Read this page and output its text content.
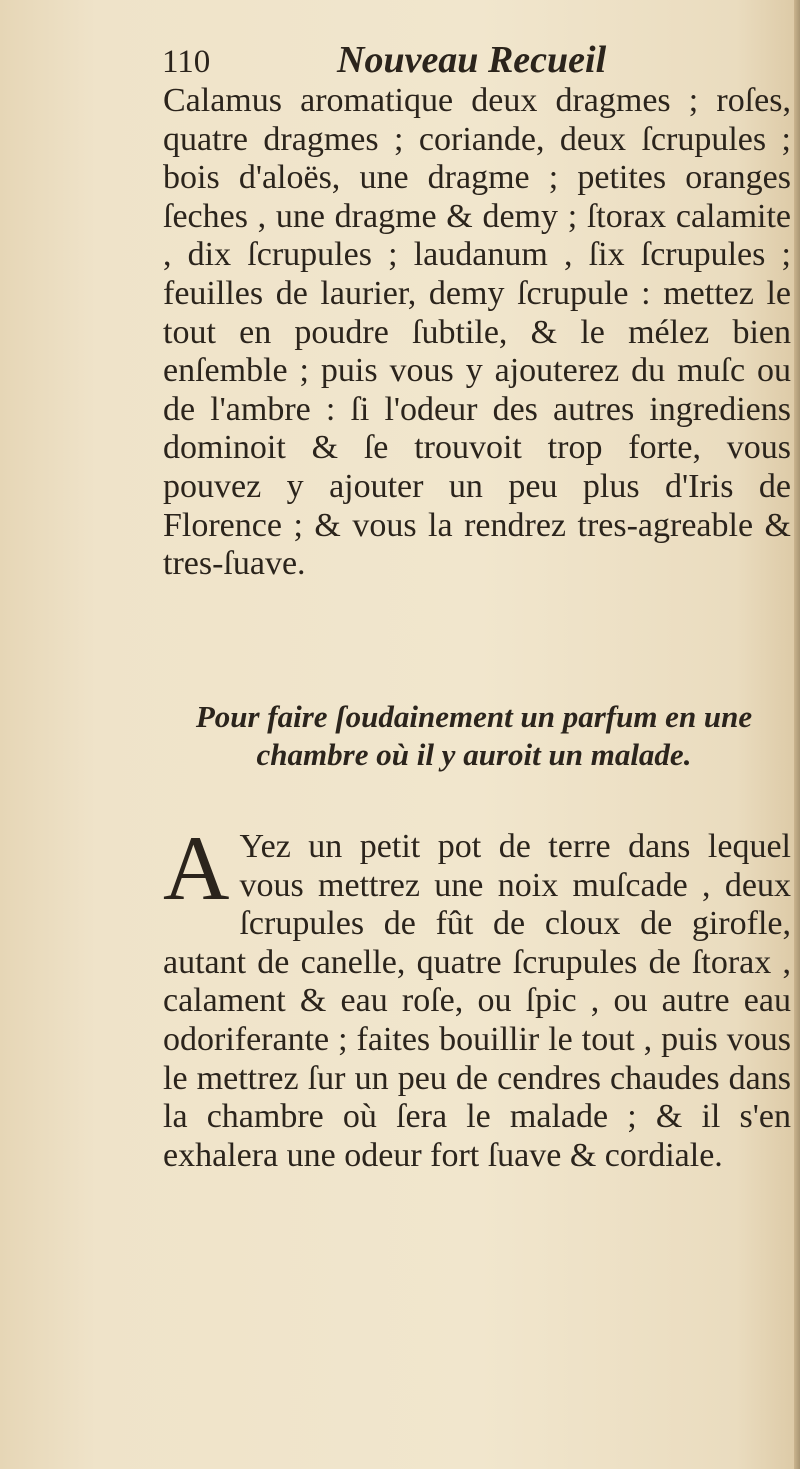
110	Nouveau Recueil

Calamus aromatique deux dragmes ; roſes, quatre dragmes ; coriande, deux ſcrupules ; bois d'aloës, une dragme ; petites oranges ſeches , une dragme & demy ; ſtorax calamite , dix ſcrupules ; laudanum , ſix ſcrupules ; feuilles de laurier, demy ſcrupule : mettez le tout en poudre ſubtile, & le mélez bien enſemble ; puis vous y ajouterez du muſc ou de l'ambre : ſi l'odeur des autres ingrediens dominoit & ſe trouvoit trop forte, vous pouvez y ajouter un peu plus d'Iris de Florence ; & vous la rendrez tres-agreable & tres-ſuave.

Pour faire ſoudainement un parfum en une chambre où il y auroit un malade.

A Yez un petit pot de terre dans lequel vous mettrez une noix muſcade , deux ſcrupules de fût de cloux de girofle, autant de canelle, quatre ſcrupules de ſtorax , calament & eau roſe, ou ſpic , ou autre eau odoriferante ; faites bouillir le tout , puis vous le mettrez ſur un peu de cendres chaudes dans la chambre où ſera le malade ; & il s'en exhalera une odeur fort ſuave & cordiale.
